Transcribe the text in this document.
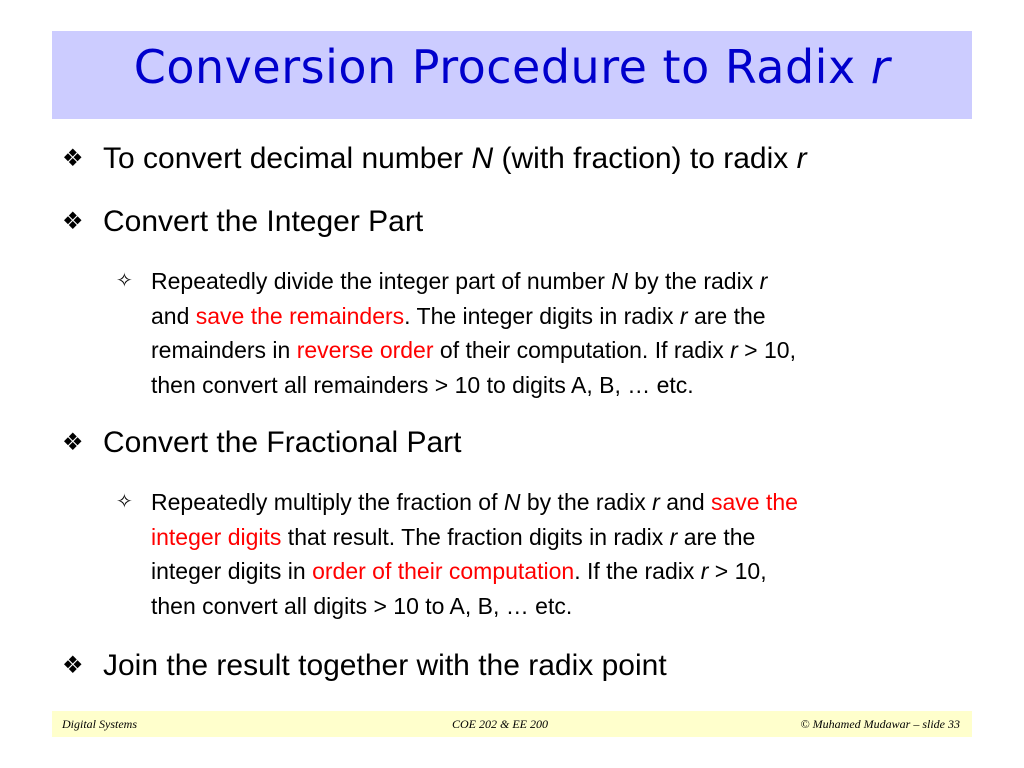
Conversion Procedure to Radix r
❖ To convert decimal number N (with fraction) to radix r
❖ Convert the Integer Part
✧ Repeatedly divide the integer part of number N by the radix r
and save the remainders. The integer digits in radix r are the
remainders in reverse order of their computation. If radix r > 10,
then convert all remainders > 10 to digits A, B, … etc.
❖ Convert the Fractional Part
✧ Repeatedly multiply the fraction of N by the radix r and save the
integer digits that result. The fraction digits in radix r are the
integer digits in order of their computation. If the radix r > 10,
then convert all digits > 10 to A, B, … etc.
❖ Join the result together with the radix point
Digital Systems	COE 202 & EE 200	© Muhamed Mudawar – slide 33
